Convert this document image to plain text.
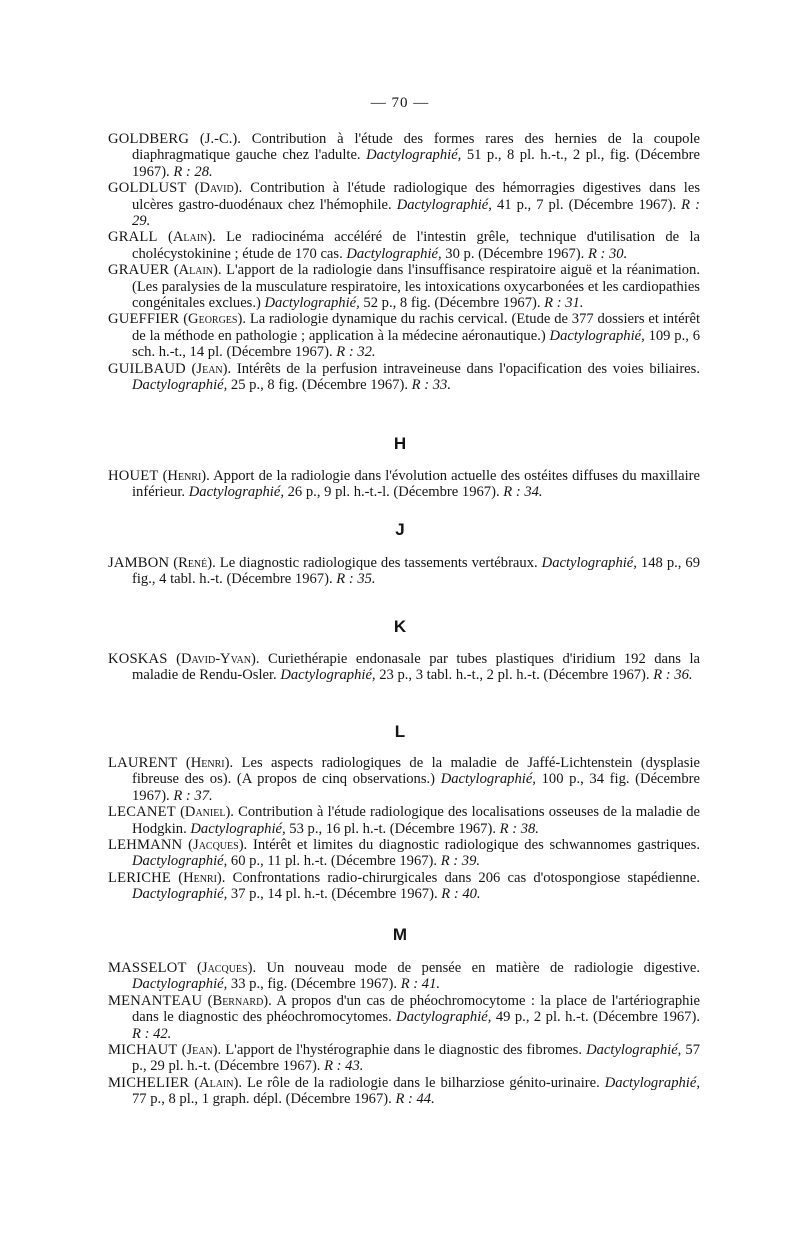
— 70 —

GOLDBERG (J.-C.). Contribution à l'étude des formes rares des hernies de la coupole diaphragmatique gauche chez l'adulte. Dactylographié, 51 p., 8 pl. h.-t., 2 pl., fig. (Décembre 1967). R : 28.

GOLDLUST (David). Contribution à l'étude radiologique des hémorragies digestives dans les ulcères gastro-duodénaux chez l'hémophile. Dactylographié, 41 p., 7 pl. (Décembre 1967). R : 29.

GRALL (Alain). Le radiocinéma accéléré de l'intestin grêle, technique d'utilisation de la cholécystokinine ; étude de 170 cas. Dactylographié, 30 p. (Décembre 1967). R : 30.

GRAUER (Alain). L'apport de la radiologie dans l'insuffisance respiratoire aiguë et la réanimation. (Les paralysies de la musculature respiratoire, les intoxications oxycarbonées et les cardiopathies congénitales exclues.) Dactylographié, 52 p., 8 fig. (Décembre 1967). R : 31.

GUEFFIER (Georges). La radiologie dynamique du rachis cervical. (Etude de 377 dossiers et intérêt de la méthode en pathologie ; application à la médecine aéronautique.) Dactylographié, 109 p., 6 sch. h.-t., 14 pl. (Décembre 1967). R : 32.

GUILBAUD (Jean). Intérêts de la perfusion intraveineuse dans l'opacification des voies biliaires. Dactylographié, 25 p., 8 fig. (Décembre 1967). R : 33.

H

HOUET (Henri). Apport de la radiologie dans l'évolution actuelle des ostéites diffuses du maxillaire inférieur. Dactylographié, 26 p., 9 pl. h.-t.-l. (Décembre 1967). R : 34.

J

JAMBON (René). Le diagnostic radiologique des tassements vertébraux. Dactylographié, 148 p., 69 fig., 4 tabl. h.-t. (Décembre 1967). R : 35.

K

KOSKAS (David-Yvan). Curiethérapie endonasale par tubes plastiques d'iridium 192 dans la maladie de Rendu-Osler. Dactylographié, 23 p., 3 tabl. h.-t., 2 pl. h.-t. (Décembre 1967). R : 36.

L

LAURENT (Henri). Les aspects radiologiques de la maladie de Jaffé-Lichtenstein (dysplasie fibreuse des os). (A propos de cinq observations.) Dactylographié, 100 p., 34 fig. (Décembre 1967). R : 37.

LECANET (Daniel). Contribution à l'étude radiologique des localisations osseuses de la maladie de Hodgkin. Dactylographié, 53 p., 16 pl. h.-t. (Décembre 1967). R : 38.

LEHMANN (Jacques). Intérêt et limites du diagnostic radiologique des schwannomes gastriques. Dactylographié, 60 p., 11 pl. h.-t. (Décembre 1967). R : 39.

LERICHE (Henri). Confrontations radio-chirurgicales dans 206 cas d'otospongiose stapédienne. Dactylographié, 37 p., 14 pl. h.-t. (Décembre 1967). R : 40.

M

MASSELOT (Jacques). Un nouveau mode de pensée en matière de radiologie digestive. Dactylographié, 33 p., fig. (Décembre 1967). R : 41.

MENANTEAU (Bernard). A propos d'un cas de phéochromocytome : la place de l'artériographie dans le diagnostic des phéochromocytomes. Dactylographié, 49 p., 2 pl. h.-t. (Décembre 1967). R : 42.

MICHAUT (Jean). L'apport de l'hystérographie dans le diagnostic des fibromes. Dactylographié, 57 p., 29 pl. h.-t. (Décembre 1967). R : 43.

MICHELIER (Alain). Le rôle de la radiologie dans le bilharziose génito-urinaire. Dactylographié, 77 p., 8 pl., 1 graph. dépl. (Décembre 1967). R : 44.
